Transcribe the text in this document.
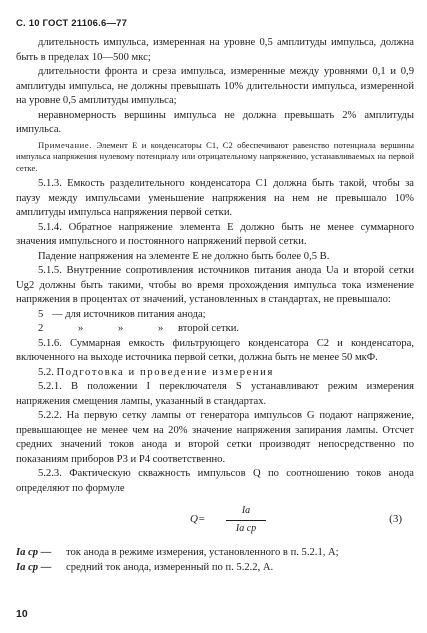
С. 10 ГОСТ 21106.6—77

длительность импульса, измеренная на уровне 0,5 амплитуды импульса, должна быть в пределах 10—500 мкс;

длительности фронта и среза импульса, измеренные между уровнями 0,1 и 0,9 амплитуды импульса, не должны превышать 10% длительности импульса, измеренной на уровне 0,5 амплитуды импульса;

неравномерность вершины импульса не должна превышать 2% амплитуды импульса.

Примечание. Элемент E и конденсаторы C1, C2 обеспечивают равенство потенциала вершины импульса напряжения нулевому потенциалу или отрицательному напряжению, устанавливаемых на первой сетке.

5.1.3. Емкость разделительного конденсатора C1 должна быть такой, чтобы за паузу между импульсами уменьшение напряжения на нем не превышало 10% амплитуды импульса напряжения первой сетки.

5.1.4. Обратное напряжение элемента E должно быть не менее суммарного значения импульсного и постоянного напряжений первой сетки.

Падение напряжения на элементе E не должно быть более 0,5 В.

5.1.5. Внутренние сопротивления источников питания анода Ua и второй сетки Ug2 должны быть такими, чтобы во время прохождения импульса тока изменение напряжения в процентах от значений, установленных в стандартах, не превышало:

5 — для источников питания анода;
2	»	»	»	второй сетки.

5.1.6. Суммарная емкость фильтрующего конденсатора C2 и конденсатора, включенного на выходе источника первой сетки, должна быть не менее 50 мкФ.

5.2. Подготовка и проведение измерения

5.2.1. В положении I переключателя S устанавливают режим измерения напряжения смещения лампы, указанный в стандартах.

5.2.2. На первую сетку лампы от генератора импульсов G подают напряжение, превышающее не менее чем на 20% значение напряжения запирания лампы. Отсчет средних значений токов анода и второй сетки производят непосредственно по показаниям приборов P3 и P4 соответственно.

5.2.3. Фактическую скважность импульсов Q по соотношению токов анода определяют по формуле

Q=
Iа
Iа ср
(3)
Iа ср —	ток анода в режиме измерения, установленного в п. 5.2.1, А;
Iа ср —	средний ток анода, измеренный по п. 5.2.2, А.
10
